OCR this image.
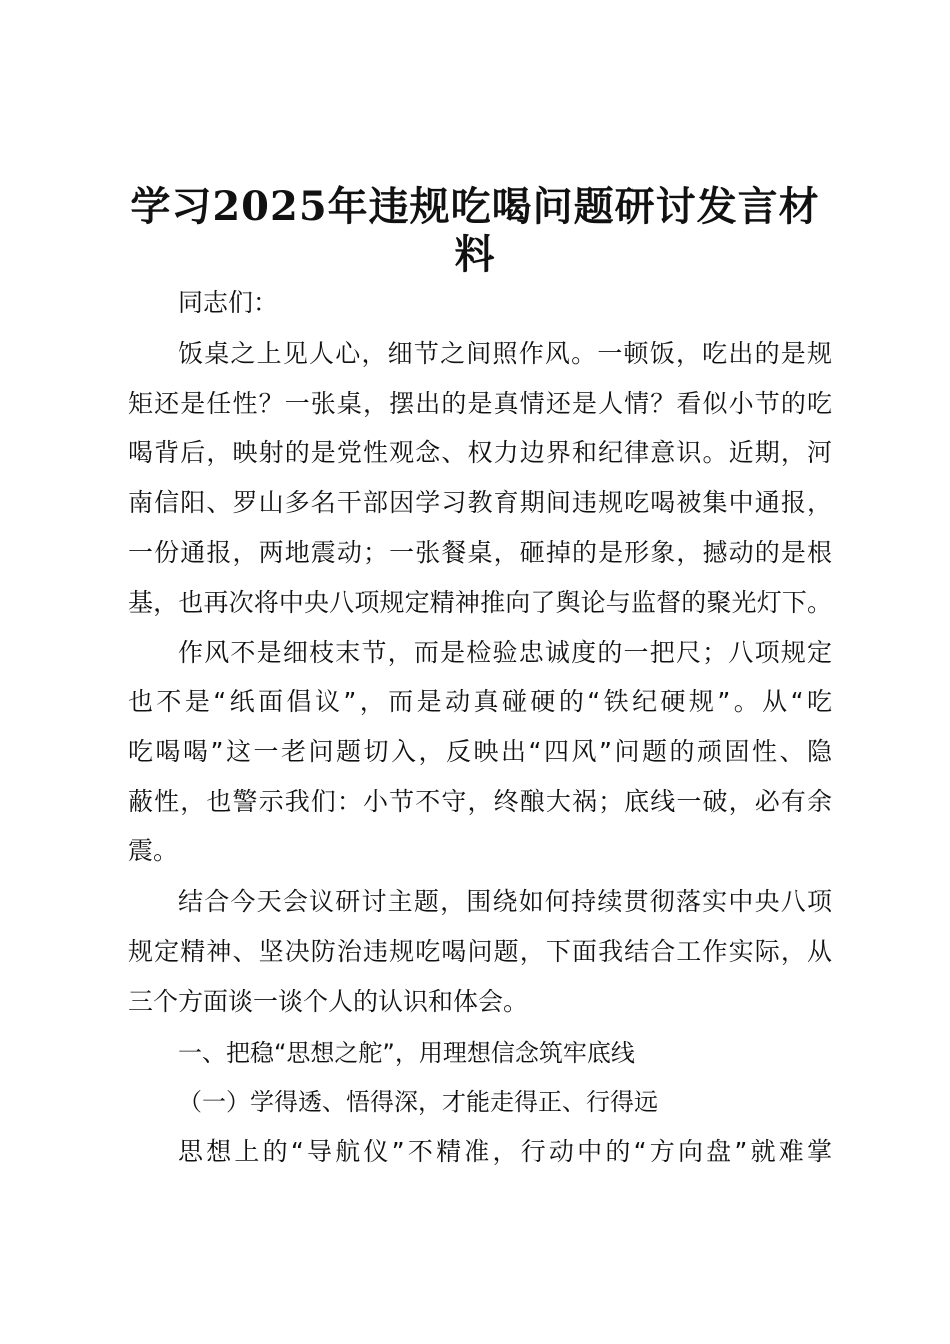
学习2025年违规吃喝问题研讨发言材
料
同志们：
饭桌之上见人心，细节之间照作风。一顿饭，吃出的是规
矩还是任性？一张桌，摆出的是真情还是人情？看似小节的吃
喝背后，映射的是党性观念、权力边界和纪律意识。近期，河
南信阳、罗山多名干部因学习教育期间违规吃喝被集中通报，
一份通报，两地震动；一张餐桌，砸掉的是形象，撼动的是根
基，也再次将中央八项规定精神推向了舆论与监督的聚光灯下。
作风不是细枝末节，而是检验忠诚度的一把尺；八项规定
也不是“纸面倡议”，而是动真碰硬的“铁纪硬规”。从“吃
吃喝喝”这一老问题切入，反映出“四风”问题的顽固性、隐
蔽性，也警示我们：小节不守，终酿大祸；底线一破，必有余
震。
结合今天会议研讨主题，围绕如何持续贯彻落实中央八项
规定精神、坚决防治违规吃喝问题，下面我结合工作实际，从
三个方面谈一谈个人的认识和体会。
一、把稳“思想之舵”，用理想信念筑牢底线
（一）学得透、悟得深，才能走得正、行得远
思想上的“导航仪”不精准，行动中的“方向盘”就难掌
